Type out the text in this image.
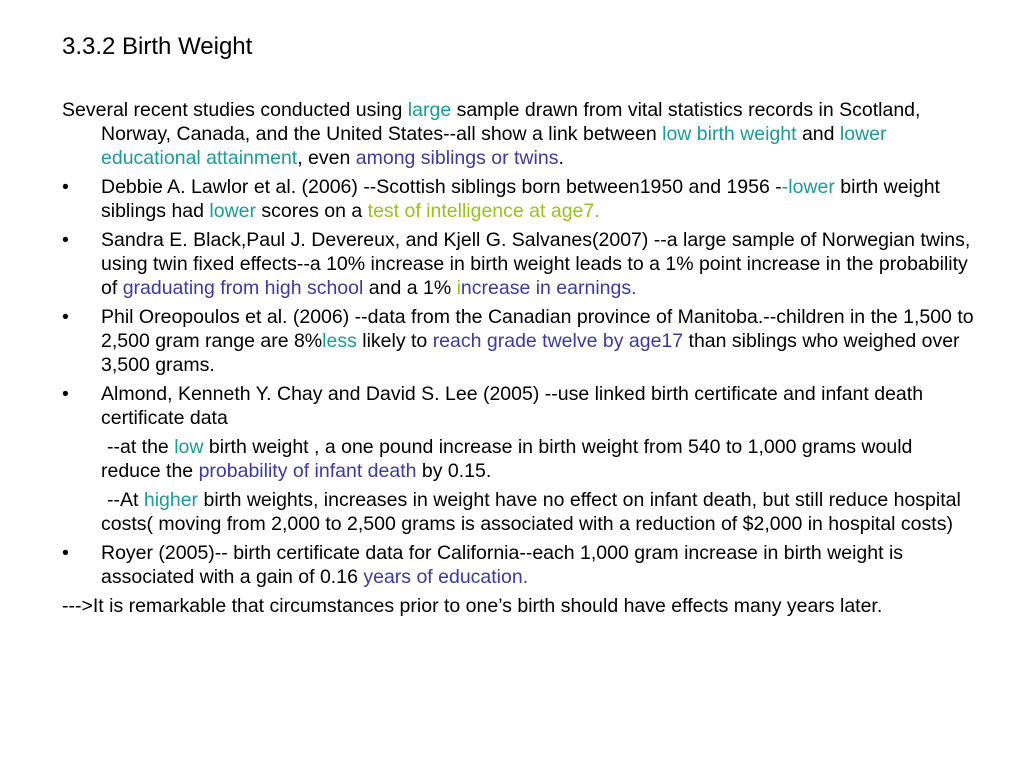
3.3.2 Birth Weight
Several recent studies conducted using large sample drawn from vital statistics records in Scotland, Norway, Canada, and the United States--all show a link between low birth weight and lower educational attainment, even among siblings or twins.
• Debbie A. Lawlor et al. (2006) --Scottish siblings born between1950 and 1956 --lower birth weight siblings had lower scores on a test of intelligence at age7.
• Sandra E. Black,Paul J. Devereux, and Kjell G. Salvanes(2007) --a large sample of Norwegian twins, using twin fixed effects--a 10% increase in birth weight leads to a 1% point increase in the probability of graduating from high school and a 1% increase in earnings.
• Phil Oreopoulos et al. (2006) --data from the Canadian province of Manitoba.--children in the 1,500 to 2,500 gram range are 8%less likely to reach grade twelve by age17 than siblings who weighed over 3,500 grams.
• Almond, Kenneth Y. Chay and David S. Lee (2005) --use linked birth certificate and infant death certificate data
--at the low birth weight , a one pound increase in birth weight from 540 to 1,000 grams would reduce the probability of infant death by 0.15.
--At higher birth weights, increases in weight have no effect on infant death, but still reduce hospital costs( moving from 2,000 to 2,500 grams is associated with a reduction of $2,000 in hospital costs)
• Royer (2005)-- birth certificate data for California--each 1,000 gram increase in birth weight is associated with a gain of 0.16 years of education.
--->It is remarkable that circumstances prior to one’s birth should have effects many years later.
